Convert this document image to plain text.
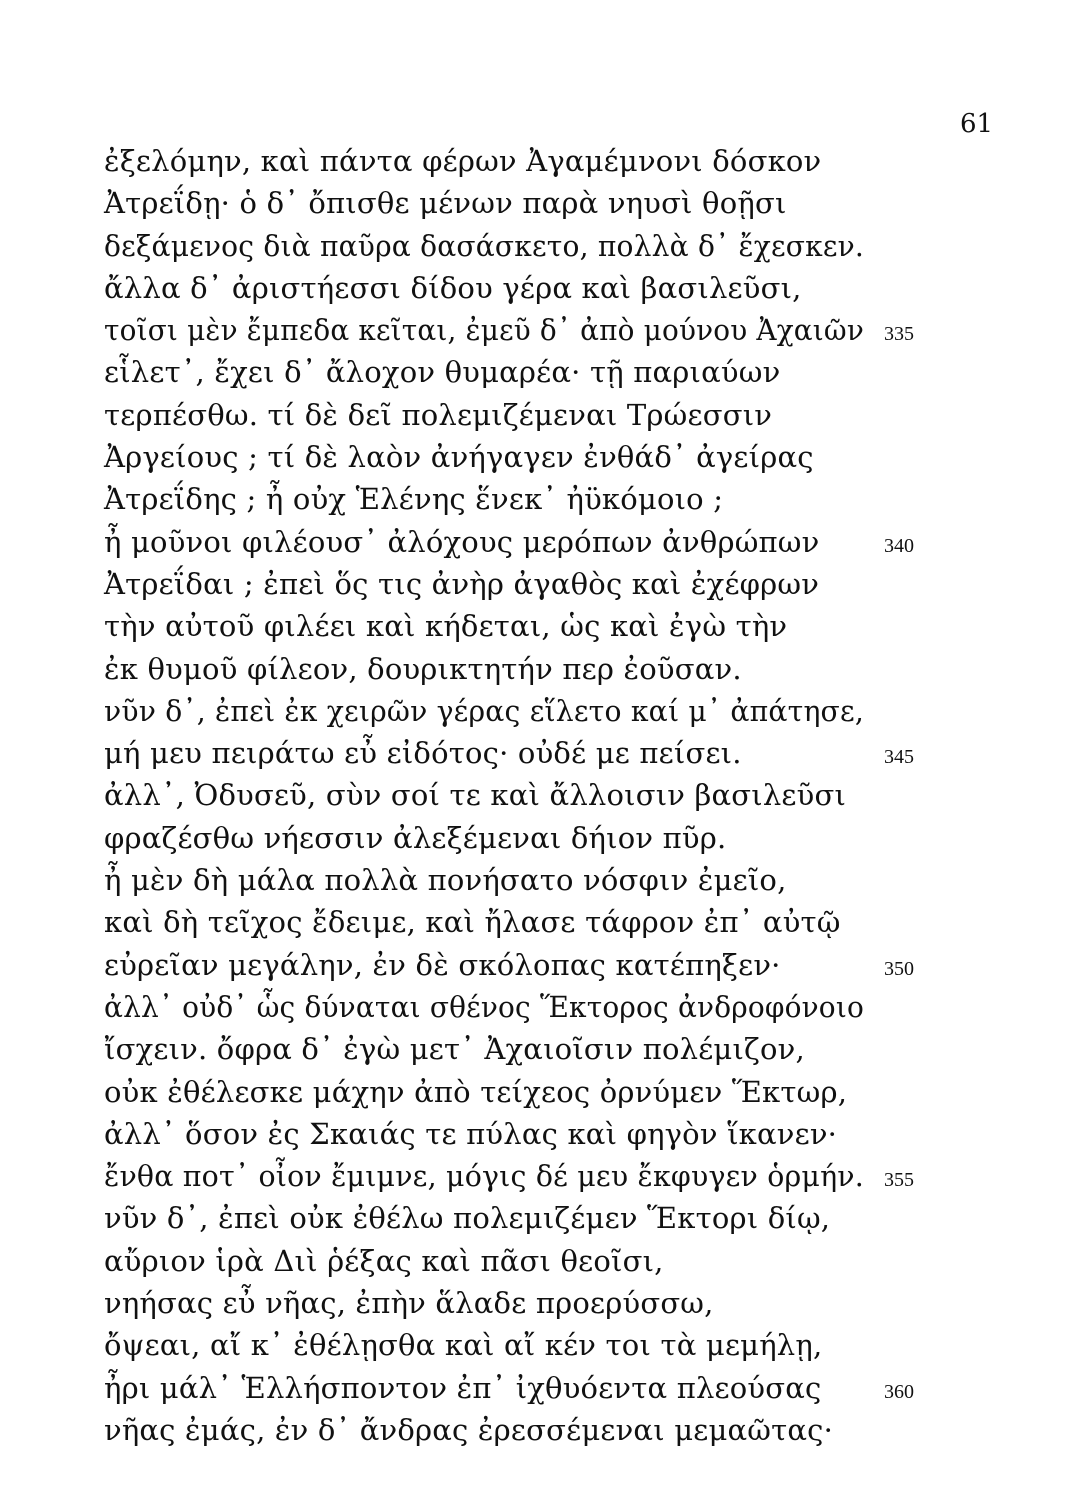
61
ἐξελόμην, καὶ πάντα φέρων Ἀγαμέμνονι δόσκον
Ἀτρεΐδῃ· ὁ δ᾽ ὄπισθε μένων παρὰ νηυσὶ θοῇσι
δεξάμενος διὰ παῦρα δασάσκετο, πολλὰ δ᾽ ἔχεσκεν.
ἄλλα δ᾽ ἀριστήεσσι δίδου γέρα καὶ βασιλεῦσι,
τοῖσι μὲν ἔμπεδα κεῖται, ἐμεῦ δ᾽ ἀπὸ μούνου Ἀχαιῶν 335
εἷλετ᾽, ἔχει δ᾽ ἄλοχον θυμαρέα· τῇ παριαύων
τερπέσθω. τί δὲ δεῖ πολεμιζέμεναι Τρώεσσιν
Ἀργείους ; τί δὲ λαὸν ἀνήγαγεν ἐνθάδ᾽ ἀγείρας
Ἀτρεΐδης ; ἦ οὐχ Ἑλένης ἕνεκ᾽ ἠϋκόμοιο ;
ἦ μοῦνοι φιλέουσ᾽ ἀλόχους μερόπων ἀνθρώπων	340
Ἀτρεΐδαι ; ἐπεὶ ὅς τις ἀνὴρ ἀγαθὸς καὶ ἐχέφρων
τὴν αὐτοῦ φιλέει καὶ κήδεται, ὡς καὶ ἐγὼ τὴν
ἐκ θυμοῦ φίλεον, δουρικτητήν περ ἐοῦσαν.
νῦν δ᾽, ἐπεὶ ἐκ χειρῶν γέρας εἵλετο καί μ᾽ ἀπάτησε,
μή μευ πειράτω εὖ εἰδότος· οὐδέ με πείσει.	345
ἀλλ᾽, Ὀδυσεῦ, σὺν σοί τε καὶ ἄλλοισιν βασιλεῦσι
φραζέσθω νήεσσιν ἀλεξέμεναι δήιον πῦρ.
ἦ μὲν δὴ μάλα πολλὰ πονήσατο νόσφιν ἐμεῖο,
καὶ δὴ τεῖχος ἔδειμε, καὶ ἤλασε τάφρον ἐπ᾽ αὐτῷ
εὐρεῖαν μεγάλην, ἐν δὲ σκόλοπας κατέπηξεν·	350
ἀλλ᾽ οὐδ᾽ ὧς δύναται σθένος Ἕκτορος ἀνδροφόνοιο
ἴσχειν. ὄφρα δ᾽ ἐγὼ μετ᾽ Ἀχαιοῖσιν πολέμιζον,
οὐκ ἐθέλεσκε μάχην ἀπὸ τείχεος ὀρνύμεν Ἕκτωρ,
ἀλλ᾽ ὅσον ἐς Σκαιάς τε πύλας καὶ φηγὸν ἵκανεν·
ἔνθα ποτ᾽ οἶον ἔμιμνε, μόγις δέ μευ ἔκφυγεν ὁρμήν. 355
νῦν δ᾽, ἐπεὶ οὐκ ἐθέλω πολεμιζέμεν Ἕκτορι δίῳ,
αὔριον ἱρὰ Διὶ ῥέξας καὶ πᾶσι θεοῖσι,
νηήσας εὖ νῆας, ἐπὴν ἅλαδε προερύσσω,
ὄψεαι, αἴ κ᾽ ἐθέλῃσθα καὶ αἴ κέν τοι τὰ μεμήλῃ,
ἦρι μάλ᾽ Ἑλλήσποντον ἐπ᾽ ἰχθυόεντα πλεούσας	360
νῆας ἐμάς, ἐν δ᾽ ἄνδρας ἐρεσσέμεναι μεμαῶτας·
